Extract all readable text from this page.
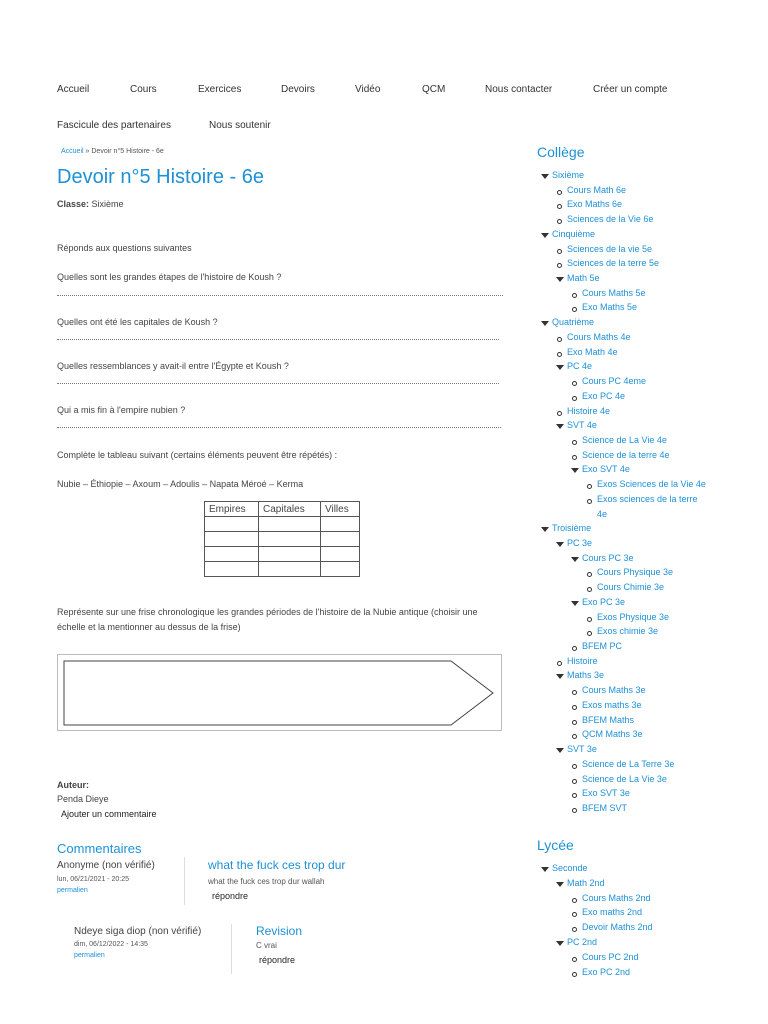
Accueil	Cours	Exercices	Devoirs	Vidéo	QCM	Nous contacter	Créer un compte
Fascicule des partenaires	Nous soutenir
Accueil » Devoir n°5 Histoire - 6e
Devoir n°5 Histoire - 6e
Classe: Sixième
Réponds aux questions suivantes
Quelles sont les grandes étapes de l'histoire de Koush ?
Quelles ont été les capitales de Koush ?
Quelles ressemblances y avait-il entre l'Égypte et Koush ?
Qui a mis fin à l'empire nubien ?
Complète le tableau suivant (certains éléments peuvent être répétés) :
Nubie – Éthiopie – Axoum – Adoulis – Napata Méroé – Kerma
Empires	Capitales	Villes

Représente sur une frise chronologique les grandes périodes de l'histoire de la Nubie antique (choisir une échelle et la mentionner au dessus de la frise)
Auteur:
Penda Dieye
Ajouter un commentaire
Commentaires
Anonyme (non vérifié)
lun, 06/21/2021 - 20:25
permalien
what the fuck ces trop dur
what the fuck ces trop dur wallah
répondre
Ndeye siga diop (non vérifié)
dim, 06/12/2022 - 14:35
permalien
Revision
C vrai
répondre
Collège
Sixième
Cours Math 6e
Exo Maths 6e
Sciences de la Vie 6e
Cinquième
Sciences de la vie 5e
Sciences de la terre 5e
Math 5e
Cours Maths 5e
Exo Maths 5e
Quatrième
Cours Maths 4e
Exo Math 4e
PC 4e
Cours PC 4eme
Exo PC 4e
Histoire 4e
SVT 4e
Science de La Vie 4e
Science de la terre 4e
Exo SVT 4e
Exos Sciences de la Vie 4e
Exos sciences de la terre
4e
Troisième
PC 3e
Cours PC 3e
Cours Physique 3e
Cours Chimie 3e
Exo PC 3e
Exos Physique 3e
Exos chimie 3e
BFEM PC
Histoire
Maths 3e
Cours Maths 3e
Exos maths 3e
BFEM Maths
QCM Maths 3e
SVT 3e
Science de La Terre 3e
Science de La Vie 3e
Exo SVT 3e
BFEM SVT
Lycée
Seconde
Math 2nd
Cours Maths 2nd
Exo maths 2nd
Devoir Maths 2nd
PC 2nd
Cours PC 2nd
Exo PC 2nd
